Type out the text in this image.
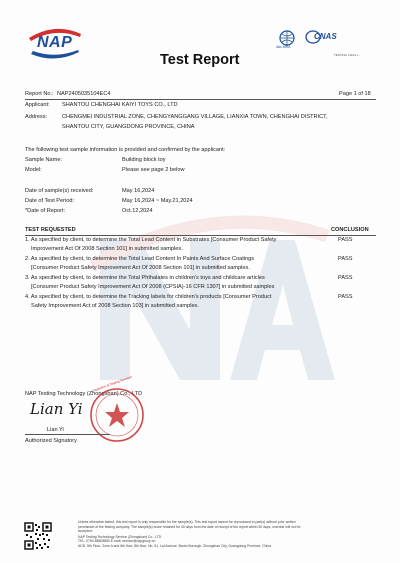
NAP
Test Report
ilac-MRA
CNAS
TESTING CNAS L...
Report No.: NAP2405035104EC4	Page 1 of 18
Applicant: SHANTOU CHENGHAI KAIYI TOYS CO., LTD
Address:	CHENGMEI INDUSTRIAL ZONE, CHENGYANGGANG VILLAGE, LIANXIA TOWN, CHENGHAI DISTRICT,
SHANTOU CITY, GUANGDONG PROVINCE, CHINA
The following test sample information is provided and confirmed by the applicant:
Sample Name:	Building block toy
Model:	Please see page 2 below
Date of sample(s) received:	May 16,2024
Date of Test Period:	May 16,2024 ~ May.21,2024
*Date of Report:	Oct.12,2024
TEST REQUESTED	CONCLUSION
1. As specified by client, to determine the Total Lead Content in Substrates [Consumer Product Safety
Improvement Act Of 2008 Section 101] in submitted samples.
PASS
2. As specified by client, to determine the Total Lead Content In Paints And Surface Coatings
[Consumer Product Safety Improvement Act Of 2008 Section 101] in submitted samples.
PASS
3. As specified by client, to determine the Total Phthalates in children's toys and childcare articles
[Consumer Product Safety Improvement Act Of 2008 (CPSIA)-16 CFR 1307] in submitted samples
PASS
4. As specified by client, to determine the Tracking labels for children's products [Consumer Product
Safety Improvement Act of 2008 Section 103] in submitted samples.
PASS
NAP Testing Technology (Zhongshan) Co., LTD
Lian Yi
Inspection & Testing Services
Lian Yi
Authorized Signatory
Unless otherwise stated, this test report is only responsible for the sample(s). This test report cannot be reproduced in part(s) without prior written
permission of the testing company. The sample(s) is/are retained for 30 days from the date of receipt of the report within 30 days, overdue will not be
accepted.
NAP Testing Technology Service (Zhongshan) Co., LTD
TEL: 0760-88808880 E-mail: service@napgroup.cn
ADD: 5th Floor, Zone A and 6th floor, 8th floor, No. 51, Lai Avenue, Banfu Borough, Zhongshan City, Guangdong Province, China
